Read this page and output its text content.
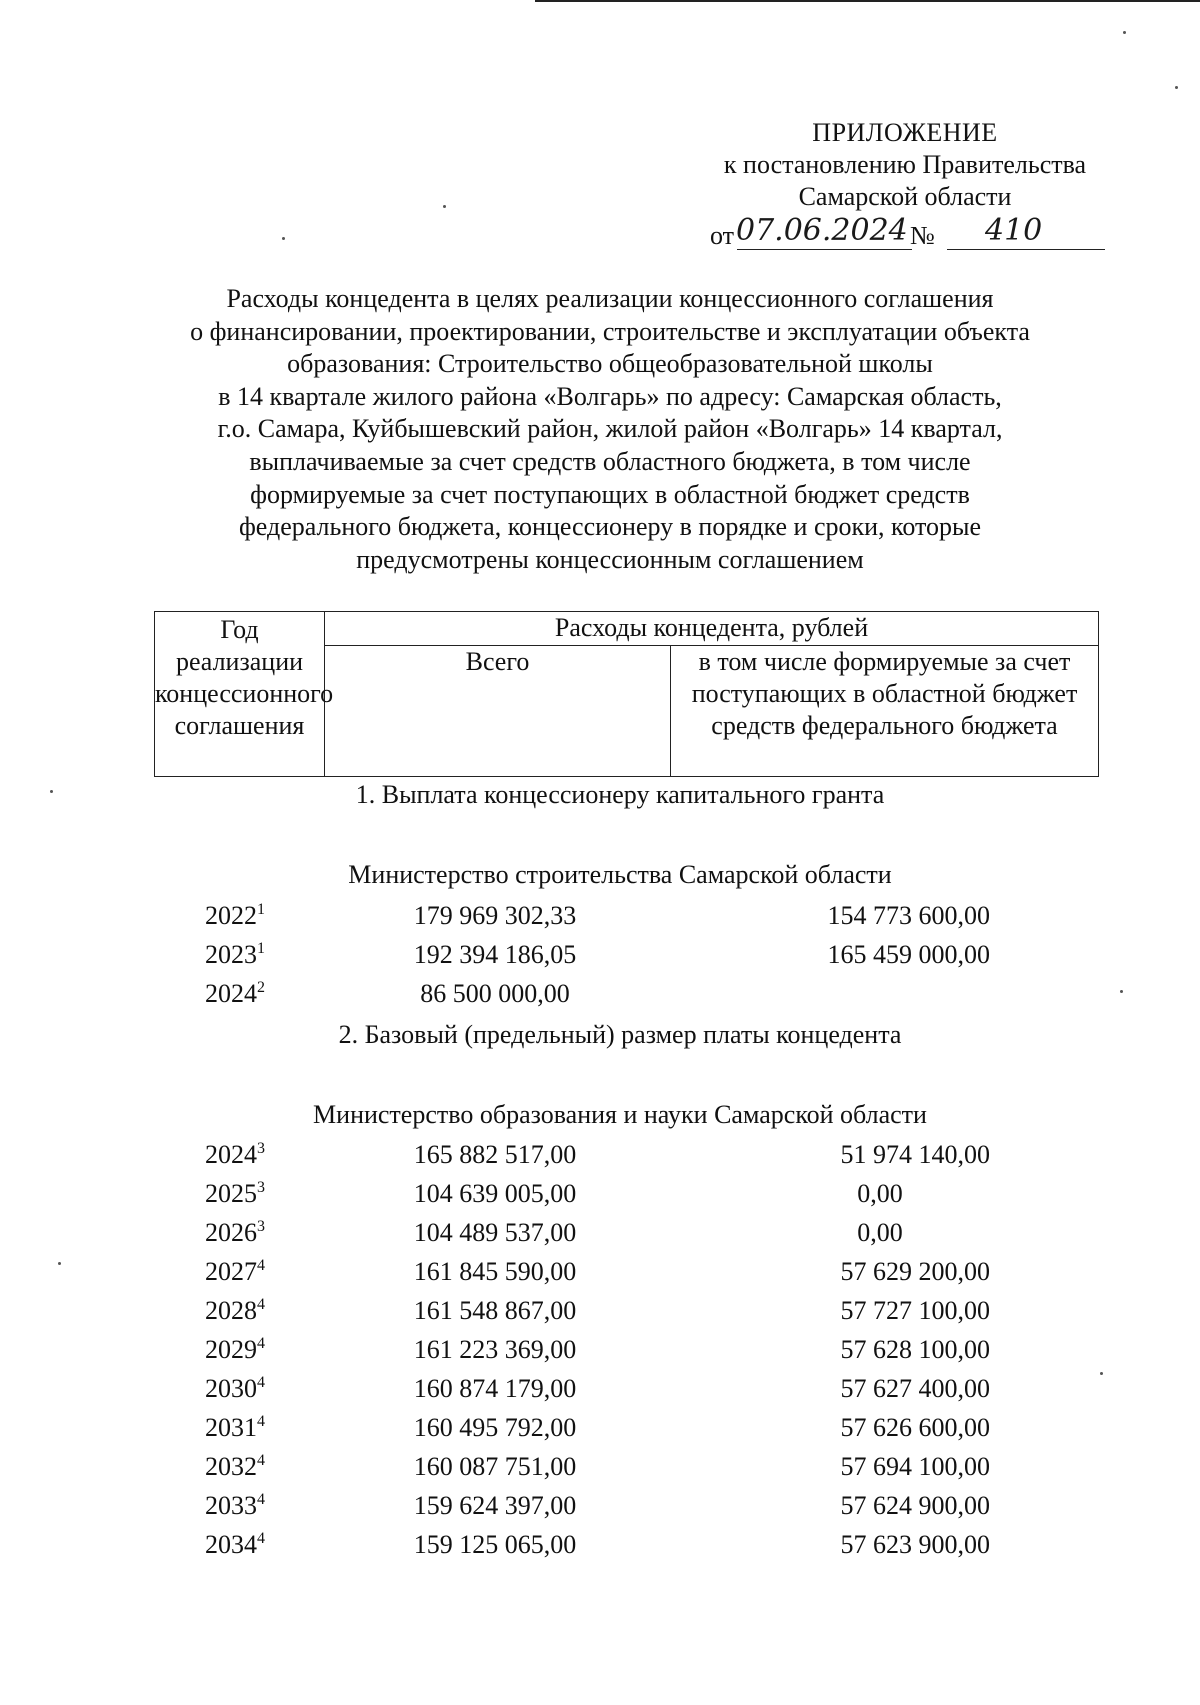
ПРИЛОЖЕНИЕ
к постановлению Правительства
Самарской области
от 07.06.2024 № 410
Расходы концедента в целях реализации концессионного соглашения
о финансировании, проектировании, строительстве и эксплуатации объекта
образования: Строительство общеобразовательной школы
в 14 квартале жилого района «Волгарь» по адресу: Самарская область,
г.о. Самара, Куйбышевский район, жилой район «Волгарь» 14 квартал,
выплачиваемые за счет средств областного бюджета, в том числе
формируемые за счет поступающих в областной бюджет средств
федерального бюджета, концессионеру в порядке и сроки, которые
предусмотрены концессионным соглашением
Год реализации концессионного соглашения	Расходы концедента, рублей	
	Всего	в том числе формируемые за счет поступающих в областной бюджет средств федерального бюджета
1. Выплата концессионеру капитального гранта
Министерство строительства Самарской области
2022$^1$	179 969 302,33	154 773 600,00
2023$^1$	192 394 186,05	165 459 000,00
2024$^2$	86 500 000,00
2. Базовый (предельный) размер платы концедента
Министерство образования и науки Самарской области
2024$^3$	165 882 517,00	51 974 140,00
2025$^3$	104 639 005,00	0,00
2026$^3$	104 489 537,00	0,00
2027$^4$	161 845 590,00	57 629 200,00
2028$^4$	161 548 867,00	57 727 100,00
2029$^4$	161 223 369,00	57 628 100,00
2030$^4$	160 874 179,00	57 627 400,00
2031$^4$	160 495 792,00	57 626 600,00
2032$^4$	160 087 751,00	57 694 100,00
2033$^4$	159 624 397,00	57 624 900,00
2034$^4$	159 125 065,00	57 623 900,00
